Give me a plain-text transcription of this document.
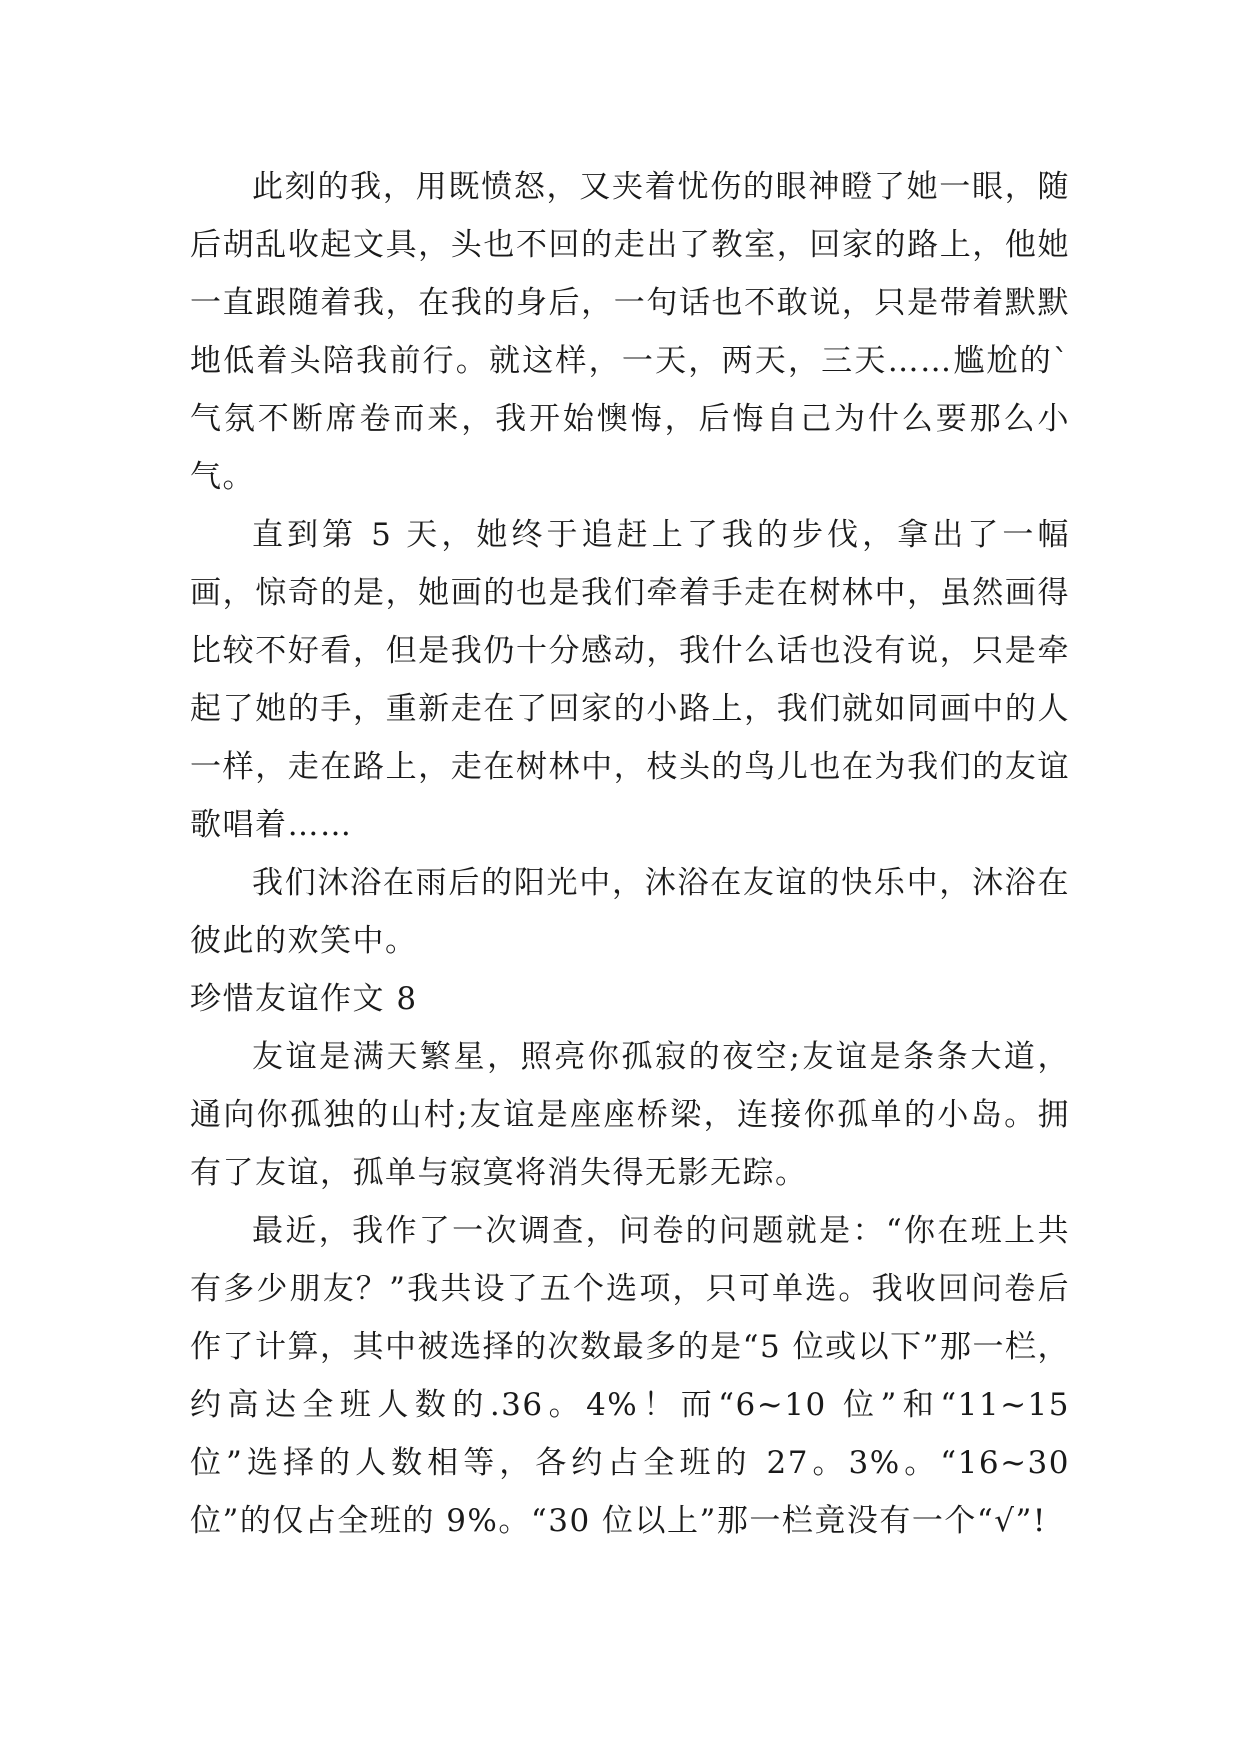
此刻的我，用既愤怒，又夹着忧伤的眼神瞪了她一眼，随后胡乱收起文具，头也不回的走出了教室，回家的路上，他她一直跟随着我，在我的身后，一句话也不敢说，只是带着默默地低着头陪我前行。就这样，一天，两天，三天……尴尬的`气氛不断席卷而来，我开始懊悔，后悔自己为什么要那么小气。

直到第 5 天，她终于追赶上了我的步伐，拿出了一幅画，惊奇的是，她画的也是我们牵着手走在树林中，虽然画得比较不好看，但是我仍十分感动，我什么话也没有说，只是牵起了她的手，重新走在了回家的小路上，我们就如同画中的人一样，走在路上，走在树林中，枝头的鸟儿也在为我们的友谊歌唱着……

我们沐浴在雨后的阳光中，沐浴在友谊的快乐中，沐浴在彼此的欢笑中。

珍惜友谊作文 8

友谊是满天繁星，照亮你孤寂的夜空;友谊是条条大道，通向你孤独的山村;友谊是座座桥梁，连接你孤单的小岛。拥有了友谊，孤单与寂寞将消失得无影无踪。

最近，我作了一次调查，问卷的问题就是：“你在班上共有多少朋友？”我共设了五个选项，只可单选。我收回问卷后作了计算，其中被选择的次数最多的是“5 位或以下”那一栏，约高达全班人数的.36。4%！而“6~10 位”和“11~15 位”选择的人数相等，各约占全班的 27。3%。“16~30 位”的仅占全班的 9%。“30 位以上”那一栏竟没有一个“√”!
